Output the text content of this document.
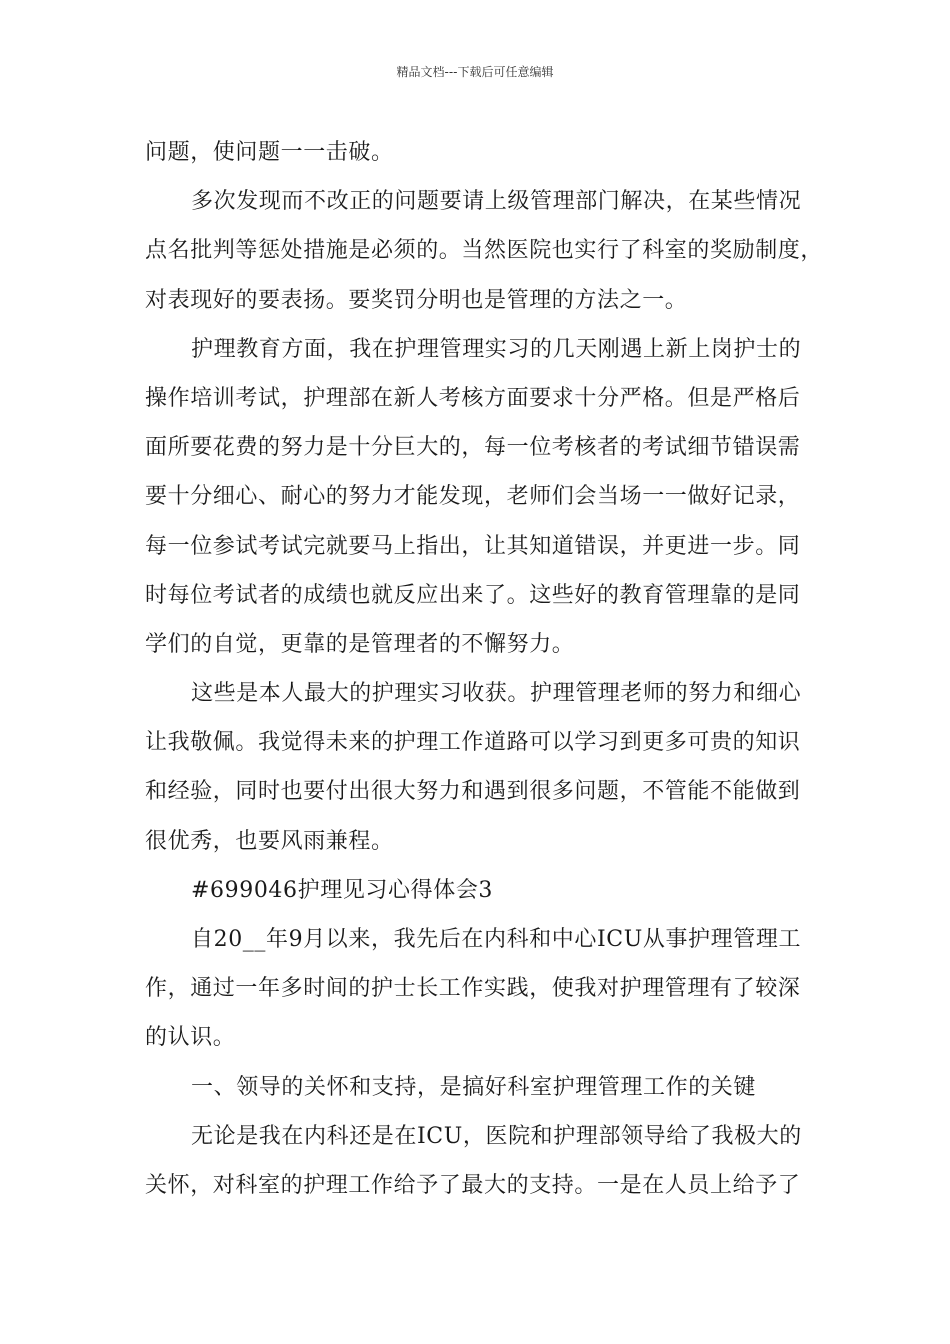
精品文档---下载后可任意编辑
问题，使问题一一击破。
多次发现而不改正的问题要请上级管理部门解决，在某些情况
点名批判等惩处措施是必须的。当然医院也实行了科室的奖励制度，
对表现好的要表扬。要奖罚分明也是管理的方法之一。
护理教育方面，我在护理管理实习的几天刚遇上新上岗护士的
操作培训考试，护理部在新人考核方面要求十分严格。但是严格后
面所要花费的努力是十分巨大的，每一位考核者的考试细节错误需
要十分细心、耐心的努力才能发现，老师们会当场一一做好记录，
每一位参试考试完就要马上指出，让其知道错误，并更进一步。同
时每位考试者的成绩也就反应出来了。这些好的教育管理靠的是同
学们的自觉，更靠的是管理者的不懈努力。
这些是本人最大的护理实习收获。护理管理老师的努力和细心
让我敬佩。我觉得未来的护理工作道路可以学习到更多可贵的知识
和经验，同时也要付出很大努力和遇到很多问题，不管能不能做到
很优秀，也要风雨兼程。
#699046护理见习心得体会3
自20__年9月以来，我先后在内科和中心ICU从事护理管理工
作，通过一年多时间的护士长工作实践，使我对护理管理有了较深
的认识。
一、领导的关怀和支持，是搞好科室护理管理工作的关键
无论是我在内科还是在ICU，医院和护理部领导给了我极大的
关怀，对科室的护理工作给予了最大的支持。一是在人员上给予了
